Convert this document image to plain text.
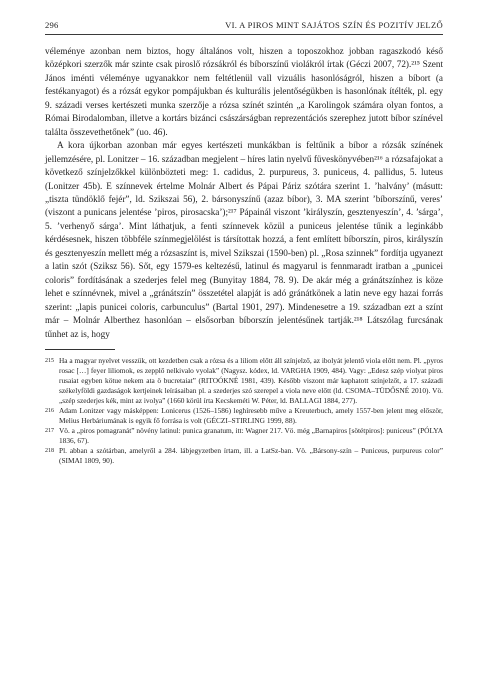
296	VI. A PIROS MINT SAJÁTOS SZÍN ÉS POZITÍV JELZŐ

véleménye azonban nem biztos, hogy általános volt, hiszen a toposzokhoz jobban ragaszkodó késő középkori szerzők már szinte csak piroslő rózsákról és bíborszínű violákról írtak (Géczi 2007, 72).²¹⁵ Szent János iménti véleménye ugyanakkor nem feltétlenül vall vizuális hasonlóságról, hiszen a bíbort (a festékanyagot) és a rózsát egykor pompájukban és kulturális jelentőségükben is hasonlónak ítélték, pl. egy 9. századi verses kertészeti munka szerzője a rózsa színét szintén „a Karolingok számára olyan fontos, a Római Birodalomban, illetve a kortárs bizánci császárságban reprezentációs szerephez jutott bíbor színével találta összevethetőnek” (uo. 46).

A kora újkorban azonban már egyes kertészeti munkákban is feltűnik a bíbor a rózsák színének jellemzésére, pl. Lonitzer – 16. században megjelent – híres latin nyelvű füveskönyvében²¹⁶ a rózsafajokat a következő színjelzőkkel különbözteti meg: 1. cadidus, 2. purpureus, 3. puniceus, 4. pallidus, 5. luteus (Lonitzer 45b). E színnevek értelme Molnár Albert és Pápai Páriz szótára szerint 1. ’halvány’ (másutt: „tiszta tündöklő fejér”, ld. Szikszai 56), 2. bársonyszínű (azaz bíbor), 3. MA szerint ’bíborszínű, veres’ (viszont a punicans jelentése ’piros, pirosacska’);²¹⁷ Pápainál viszont ’királyszín, gesztenyeszín’, 4. ’sárga’, 5. ’verhenyő sárga’. Mint láthatjuk, a fenti színnevek közül a puniceus jelentése tűnik a leginkább kérdésesnek, hiszen többféle színmegjelölést is társítottak hozzá, a fent említett bíborszín, piros, királyszín és gesztenyeszín mellett még a rózsaszínt is, mivel Szikszai (1590-ben) pl. „Rosa szinnek” fordítja ugyanezt a latin szót (Sziksz 56). Sőt, egy 1579-es keltezésű, latinul és magyarul is fennmaradt iratban a „punicei coloris” fordításának a szederjes felel meg (Bunyitay 1884, 78. 9). De akár még a gránátszínhez is köze lehet e színnévnek, mivel a „gránátszín” összetétel alapját is adó gránátkönek a latin neve egy hazai forrás szerint: „lapis punicei coloris, carbunculus” (Bartal 1901, 297). Mindenesetre a 19. században ezt a színt már – Molnár Alberthez hasonlóan – elsősorban bíborszín jelentésűnek tartják.²¹⁸ Látszólag furcsának tűnhet az is, hogy

215 Ha a magyar nyelvet vesszük, ott kezdetben csak a rózsa és a liliom előtt áll színjelző, az ibolyát jelentő viola előtt nem. Pl. „pyros rosac […] feyer liliomok, es zepplő nelkivalo vyolak” (Nagysz. kódex, ld. VARGHA 1909, 484). Vagy: „Edesz szép violyat piros rusaiat egyben kötue nekem ata ö bucretaiat” (RITOÓKNÉ 1981, 439). Később viszont már kaphatott színjelzőt, a 17. századi székelyföldi gazdaságok kertjeinek leírásaiban pl. a szederjes szó szerepel a viola neve előtt (ld. CSOMA–TÜDŐSNÉ 2010). Vö. „szép szederjes kék, mint az ivolya” (1660 körül írta Kecskeméti W. Péter, ld. BALLAGI 1884, 277).
216 Adam Lonitzer vagy másképpen: Lonicerus (1526–1586) leghíresebb műve a Kreuterbuch, amely 1557-ben jelent meg először, Melius Herbáriumának is egyik fő forrása is volt (GÉCZI–STIRLING 1999, 88).
217 Vö. a „piros pomagranát” növény latinul: punica granatum, itt: Wagner 217. Vö. még „Barnapiros [sötétpiros]: puniceus” (PÓLYA 1836, 67).
218 Pl. abban a szótárban, amelyről a 284. lábjegyzetben írtam, ill. a LatSz-ban. Vö. „Bársony-szín – Puniceus, purpureus color” (SIMAI 1809, 90).
